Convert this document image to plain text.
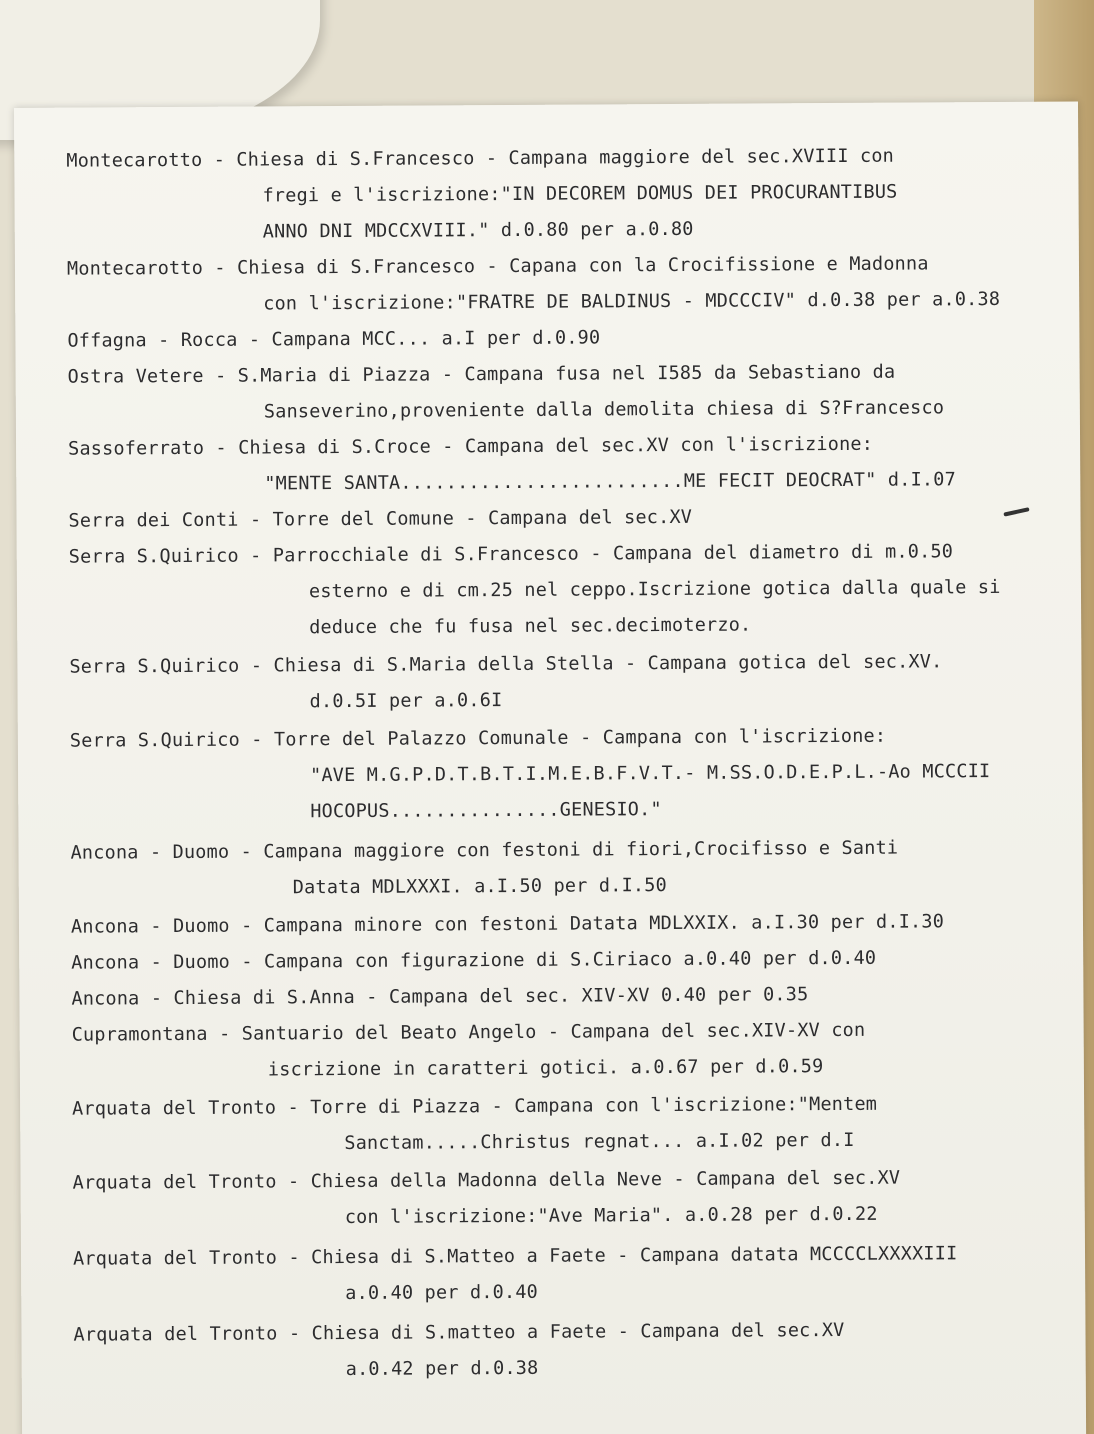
Montecarotto - Chiesa di S.Francesco - Campana maggiore del sec.XVIII con
fregi e l'iscrizione:"IN DECOREM DOMUS DEI PROCURANTIBUS
ANNO DNI MDCCXVIII." d.0.80 per a.0.80
Montecarotto - Chiesa di S.Francesco - Capana con la Crocifissione e Madonna
con l'iscrizione:"FRATRE DE BALDINUS - MDCCCIV" d.0.38 per a.0.38
Offagna - Rocca - Campana MCC... a.I per d.0.90
Ostra Vetere - S.Maria di Piazza - Campana fusa nel I585 da Sebastiano da
Sanseverino,proveniente dalla demolita chiesa di S?Francesco
Sassoferrato - Chiesa di S.Croce - Campana del sec.XV con l'iscrizione:
"MENTE SANTA.........................ME FECIT DEOCRAT" d.I.07
Serra dei Conti - Torre del Comune - Campana del sec.XV
Serra S.Quirico - Parrocchiale di S.Francesco - Campana del diametro di m.0.50
esterno e di cm.25 nel ceppo.Iscrizione gotica dalla quale si
deduce che fu fusa nel sec.decimoterzo.
Serra S.Quirico - Chiesa di S.Maria della Stella - Campana gotica del sec.XV.
d.0.5I per a.0.6I
Serra S.Quirico - Torre del Palazzo Comunale - Campana con l'iscrizione:
"AVE M.G.P.D.T.B.T.I.M.E.B.F.V.T.- M.SS.O.D.E.P.L.-Ao MCCCII
HOCOPUS...............GENESIO."
Ancona - Duomo - Campana maggiore con festoni di fiori,Crocifisso e Santi
Datata MDLXXXI. a.I.50 per d.I.50
Ancona - Duomo - Campana minore con festoni Datata MDLXXIX. a.I.30 per d.I.30
Ancona - Duomo - Campana con figurazione di S.Ciriaco a.0.40 per d.0.40
Ancona - Chiesa di S.Anna - Campana del sec. XIV-XV 0.40 per 0.35
Cupramontana - Santuario del Beato Angelo - Campana del sec.XIV-XV con
iscrizione in caratteri gotici. a.0.67 per d.0.59
Arquata del Tronto - Torre di Piazza - Campana con l'iscrizione:"Mentem
Sanctam.....Christus regnat... a.I.02 per d.I
Arquata del Tronto - Chiesa della Madonna della Neve - Campana del sec.XV
con l'iscrizione:"Ave Maria". a.0.28 per d.0.22
Arquata del Tronto - Chiesa di S.Matteo a Faete - Campana datata MCCCCLXXXXIII
a.0.40 per d.0.40
Arquata del Tronto - Chiesa di S.matteo a Faete - Campana del sec.XV
a.0.42 per d.0.38
